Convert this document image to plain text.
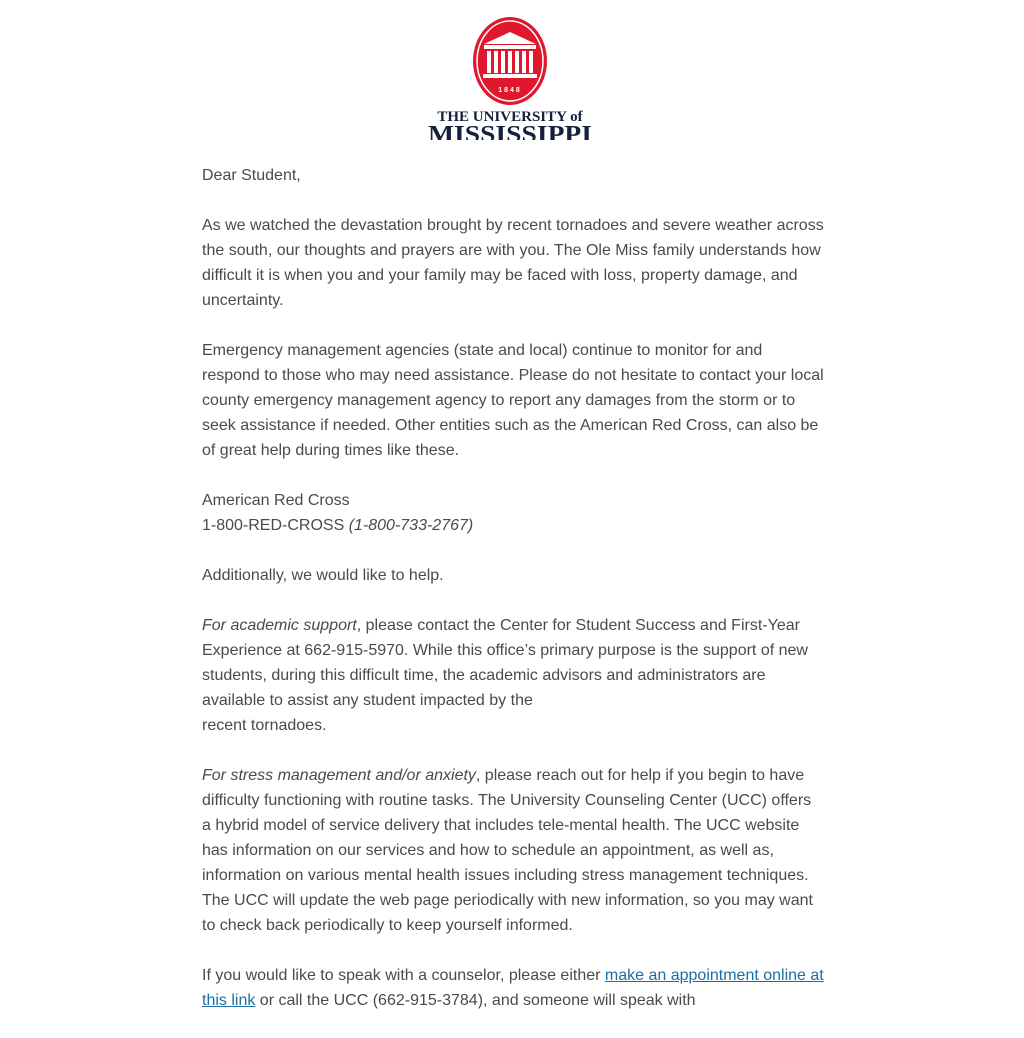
1848
THE UNIVERSITY of
MISSISSIPPI

Dear Student,

As we watched the devastation brought by recent tornadoes and severe weather across the south, our thoughts and prayers are with you. The Ole Miss family understands how difficult it is when you and your family may be faced with loss, property damage, and uncertainty.

Emergency management agencies (state and local) continue to monitor for and respond to those who may need assistance. Please do not hesitate to contact your local county emergency management agency to report any damages from the storm or to seek assistance if needed. Other entities such as the American Red Cross, can also be of great help during times like these.

American Red Cross
1-800-RED-CROSS (1-800-733-2767)

Additionally, we would like to help.

For academic support, please contact the Center for Student Success and First-Year Experience at 662-915-5970. While this office’s primary purpose is the support of new students, during this difficult time, the academic advisors and administrators are available to assist any student impacted by the
recent tornadoes.

For stress management and/or anxiety, please reach out for help if you begin to have difficulty functioning with routine tasks. The University Counseling Center (UCC) offers a hybrid model of service delivery that includes tele-mental health. The UCC website has information on our services and how to schedule an appointment, as well as, information on various mental health issues including stress management techniques. The UCC will update the web page periodically with new information, so you may want to check back periodically to keep yourself informed.

If you would like to speak with a counselor, please either make an appointment online at this link or call the UCC (662-915-3784), and someone will speak with
